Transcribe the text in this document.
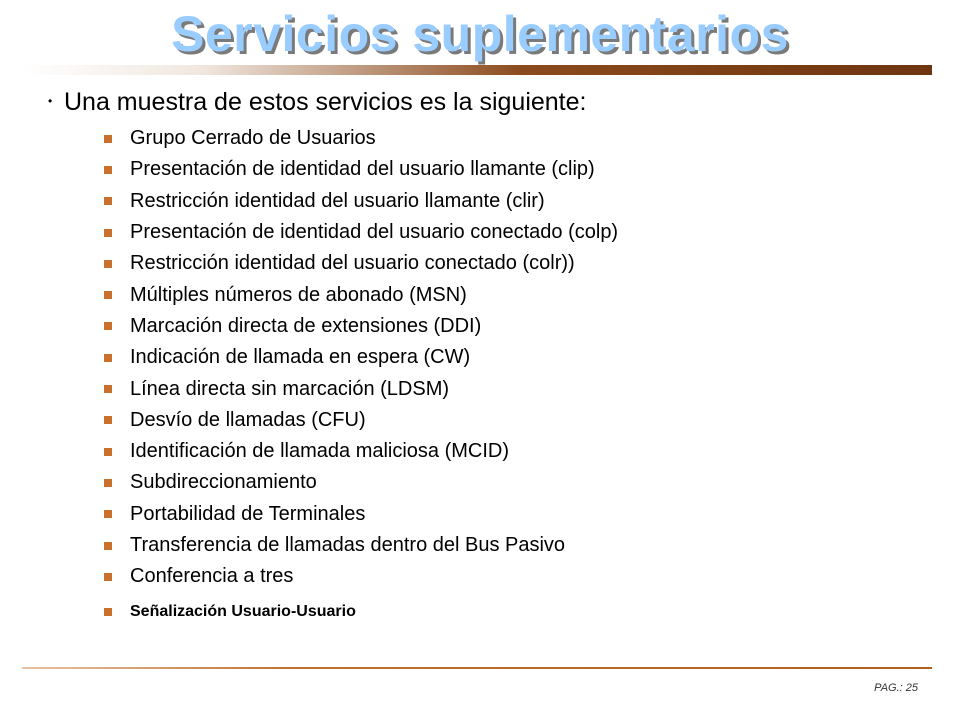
Servicios suplementarios
• Una muestra de estos servicios es la siguiente:
Grupo Cerrado de Usuarios
Presentación de identidad del usuario llamante (clip)
Restricción identidad del usuario llamante (clir)
Presentación de identidad del usuario conectado (colp)
Restricción identidad del usuario conectado (colr))
Múltiples números de abonado (MSN)
Marcación directa de extensiones (DDI)
Indicación de llamada en espera (CW)
Línea directa sin marcación (LDSM)
Desvío de llamadas (CFU)
Identificación de llamada maliciosa (MCID)
Subdireccionamiento
Portabilidad de Terminales
Transferencia de llamadas dentro del Bus Pasivo
Conferencia a tres
Señalización Usuario-Usuario
PAG.: 25
